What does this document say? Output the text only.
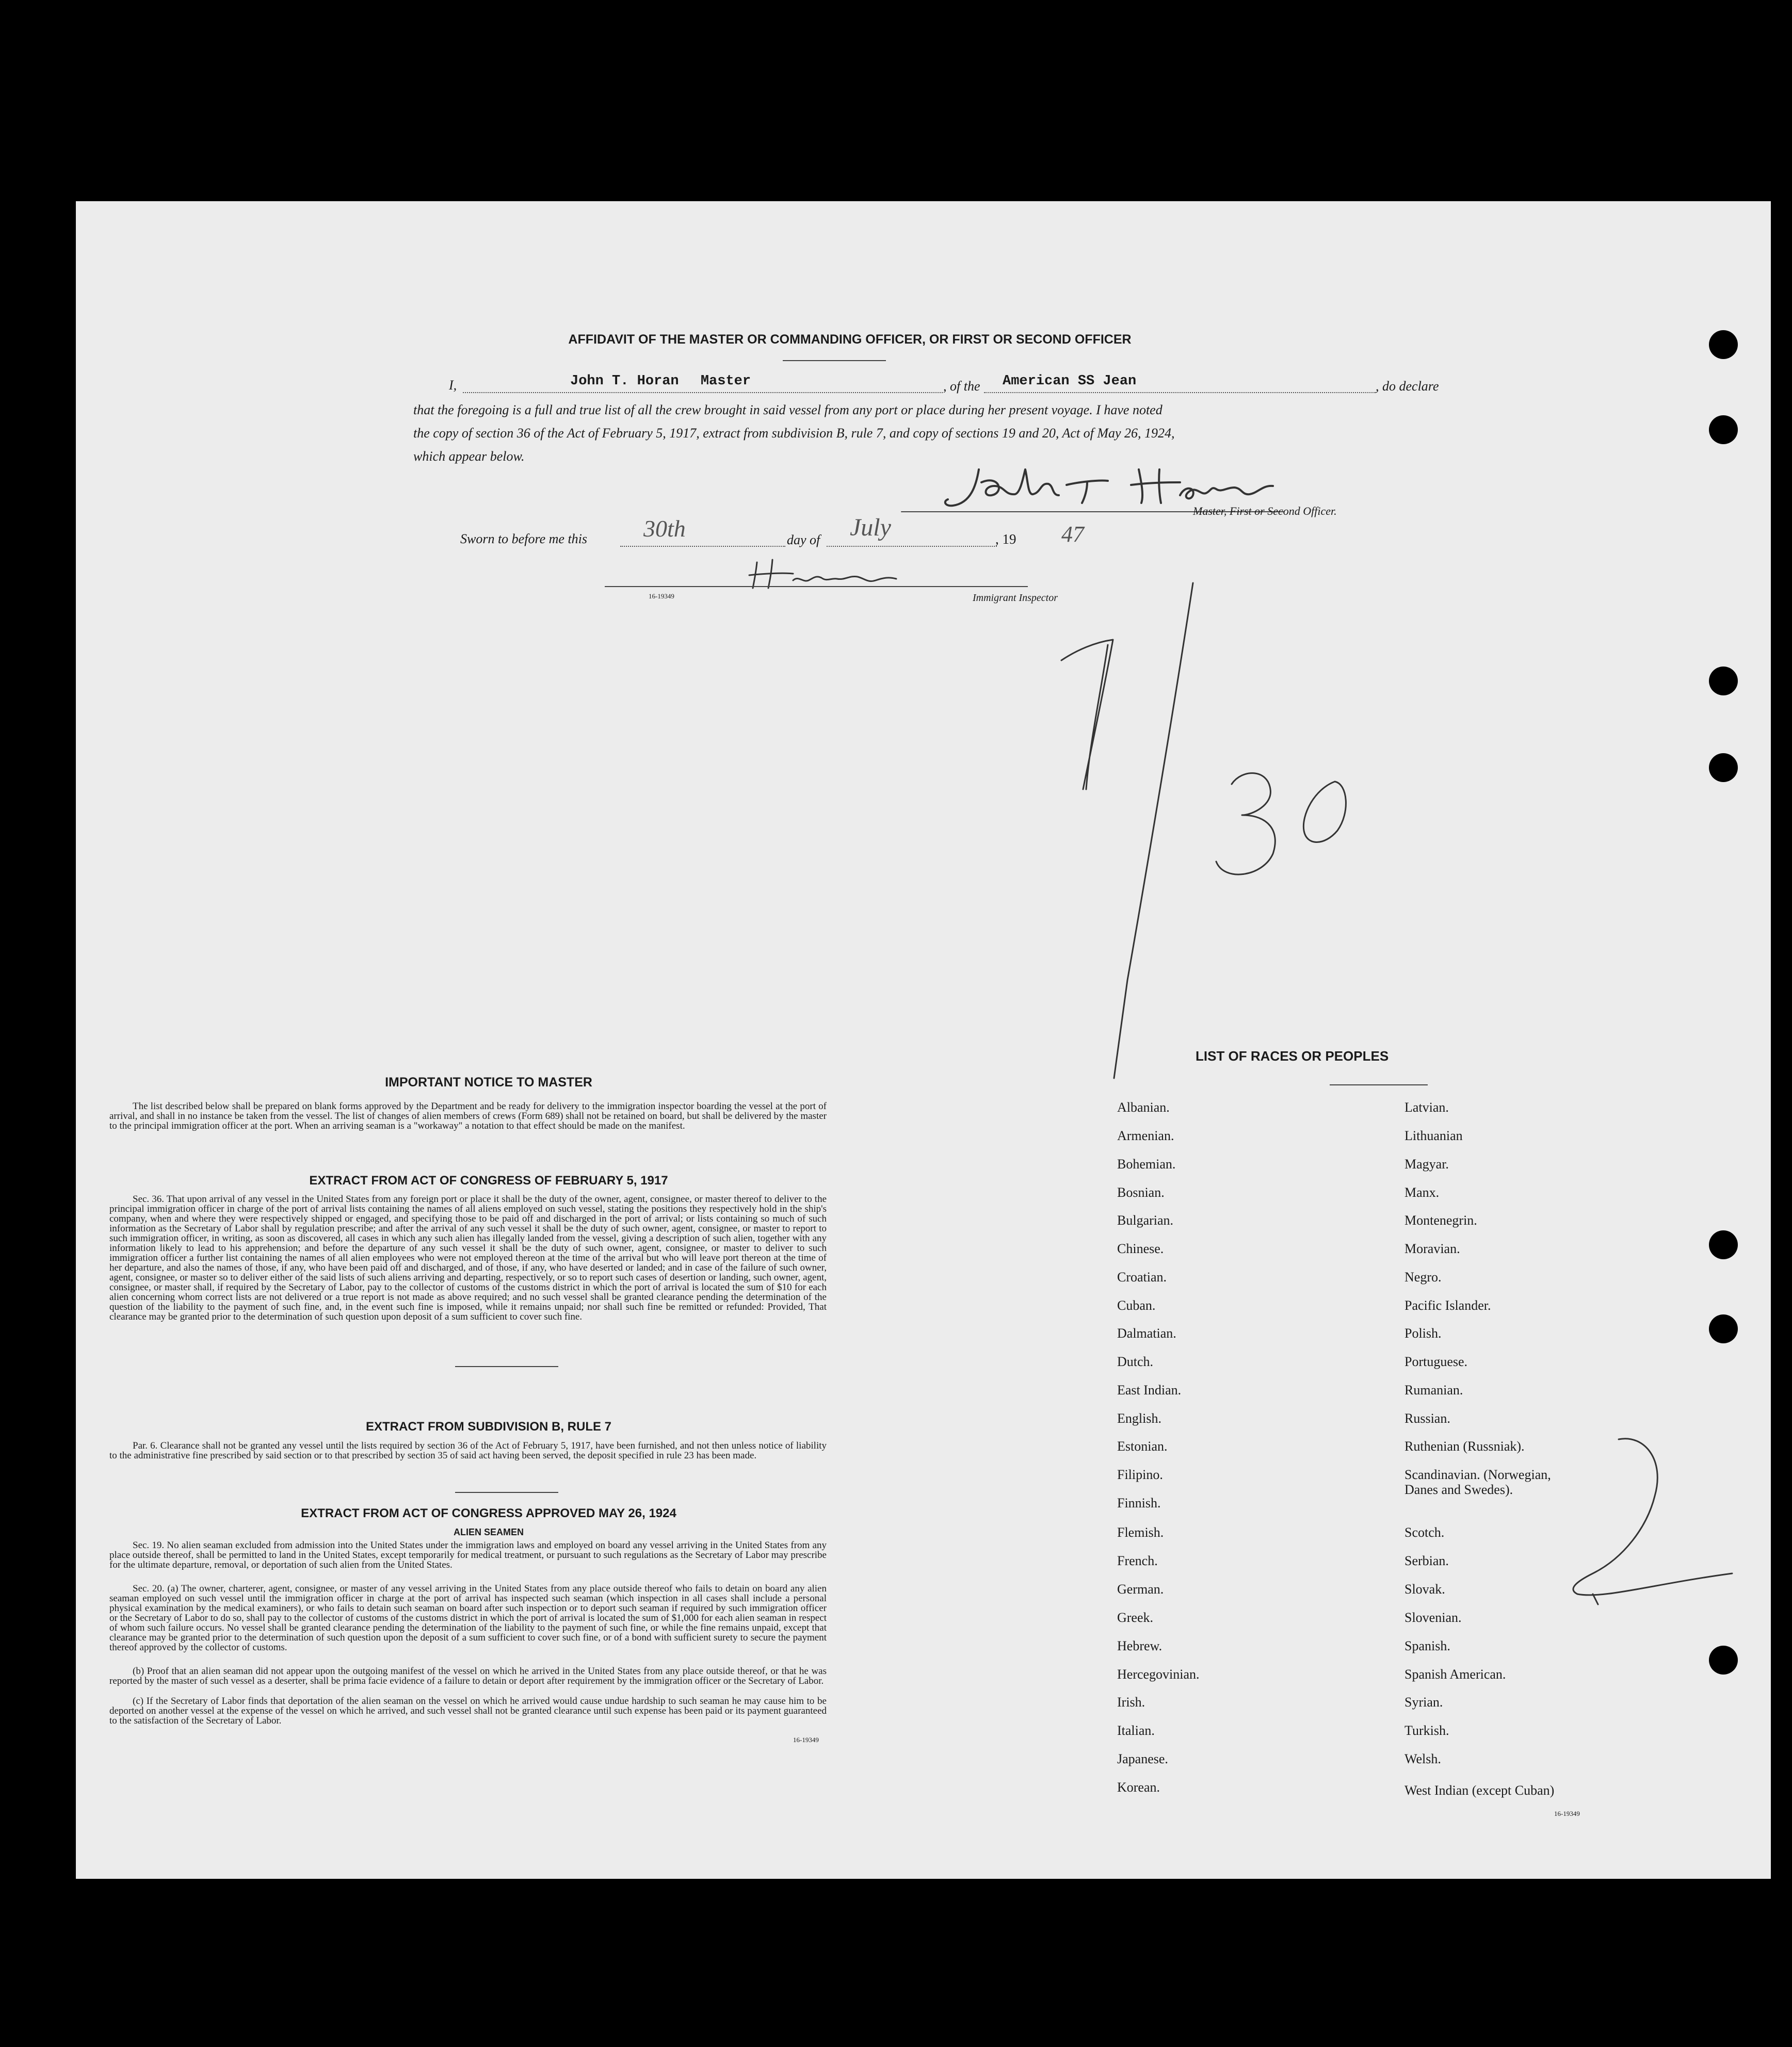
AFFIDAVIT OF THE MASTER OR COMMANDING OFFICER, OR FIRST OR SECOND OFFICER
I,	John T. Horan Master	, of the American SS Jean	, do declare
that the foregoing is a full and true list of all the crew brought in said vessel from any port or place during her present voyage. I have noted
the copy of section 36 of the Act of February 5, 1917, extract from subdivision B, rule 7, and copy of sections 19 and 20, Act of May 26, 1924,
which appear below.
Master, First or Second Officer.
Sworn to before me this 30th	day of July	, 19 47
16-19349	Immigrant Inspector
IMPORTANT NOTICE TO MASTER
The list described below shall be prepared on blank forms approved by the Department and be ready for delivery to the immigration inspector boarding the vessel at the port of arrival, and shall in no instance be taken from the vessel. The list of changes of alien members of crews (Form 689) shall not be retained on board, but shall be delivered by the master to the principal immigration officer at the port. When an arriving seaman is a "workaway" a notation to that effect should be made on the manifest.
EXTRACT FROM ACT OF CONGRESS OF FEBRUARY 5, 1917
Sec. 36. That upon arrival of any vessel in the United States from any foreign port or place it shall be the duty of the owner, agent, consignee, or master thereof to deliver to the principal immigration officer in charge of the port of arrival lists containing the names of all aliens employed on such vessel, stating the positions they respectively hold in the ship's company, when and where they were respectively shipped or engaged, and specifying those to be paid off and discharged in the port of arrival; or lists containing so much of such information as the Secretary of Labor shall by regulation prescribe; and after the arrival of any such vessel it shall be the duty of such owner, agent, consignee, or master to report to such immigration officer, in writing, as soon as discovered, all cases in which any such alien has illegally landed from the vessel, giving a description of such alien, together with any information likely to lead to his apprehension; and before the departure of any such vessel it shall be the duty of such owner, agent, consignee, or master to deliver to such immigration officer a further list containing the names of all alien employees who were not employed thereon at the time of the arrival but who will leave port thereon at the time of her departure, and also the names of those, if any, who have been paid off and discharged, and of those, if any, who have deserted or landed; and in case of the failure of such owner, agent, consignee, or master so to deliver either of the said lists of such aliens arriving and departing, respectively, or so to report such cases of desertion or landing, such owner, agent, consignee, or master shall, if required by the Secretary of Labor, pay to the collector of customs of the customs district in which the port of arrival is located the sum of $10 for each alien concerning whom correct lists are not delivered or a true report is not made as above required; and no such vessel shall be granted clearance pending the determination of the question of the liability to the payment of such fine, and, in the event such fine is imposed, while it remains unpaid; nor shall such fine be remitted or refunded: Provided, That clearance may be granted prior to the determination of such question upon deposit of a sum sufficient to cover such fine.
EXTRACT FROM SUBDIVISION B, RULE 7
Par. 6. Clearance shall not be granted any vessel until the lists required by section 36 of the Act of February 5, 1917, have been furnished, and not then unless notice of liability to the administrative fine prescribed by said section or to that prescribed by section 35 of said act having been served, the deposit specified in rule 23 has been made.
EXTRACT FROM ACT OF CONGRESS APPROVED MAY 26, 1924
ALIEN SEAMEN
Sec. 19. No alien seaman excluded from admission into the United States under the immigration laws and employed on board any vessel arriving in the United States from any place outside thereof, shall be permitted to land in the United States, except temporarily for medical treatment, or pursuant to such regulations as the Secretary of Labor may prescribe for the ultimate departure, removal, or deportation of such alien from the United States.
Sec. 20. (a) The owner, charterer, agent, consignee, or master of any vessel arriving in the United States from any place outside thereof who fails to detain on board any alien seaman employed on such vessel until the immigration officer in charge at the port of arrival has inspected such seaman (which inspection in all cases shall include a personal physical examination by the medical examiners), or who fails to detain such seaman on board after such inspection or to deport such seaman if required by such immigration officer or the Secretary of Labor to do so, shall pay to the collector of customs of the customs district in which the port of arrival is located the sum of $1,000 for each alien seaman in respect of whom such failure occurs. No vessel shall be granted clearance pending the determination of the liability to the payment of such fine, or while the fine remains unpaid, except that clearance may be granted prior to the determination of such question upon the deposit of a sum sufficient to cover such fine, or of a bond with sufficient surety to secure the payment thereof approved by the collector of customs.
(b) Proof that an alien seaman did not appear upon the outgoing manifest of the vessel on which he arrived in the United States from any place outside thereof, or that he was reported by the master of such vessel as a deserter, shall be prima facie evidence of a failure to detain or deport after requirement by the immigration officer or the Secretary of Labor.
(c) If the Secretary of Labor finds that deportation of the alien seaman on the vessel on which he arrived would cause undue hardship to such seaman he may cause him to be deported on another vessel at the expense of the vessel on which he arrived, and such vessel shall not be granted clearance until such expense has been paid or its payment guaranteed to the satisfaction of the Secretary of Labor.
16-19349
LIST OF RACES OR PEOPLES
Albanian.
Armenian.
Bohemian.
Bosnian.
Bulgarian.
Chinese.
Croatian.
Cuban.
Dalmatian.
Dutch.
East Indian.
English.
Estonian.
Filipino.
Finnish.
Flemish.
French.
German.
Greek.
Hebrew.
Hercegovinian.
Irish.
Italian.
Japanese.
Korean.
Latvian.
Lithuanian
Magyar.
Manx.
Montenegrin.
Moravian.
Negro.
Pacific Islander.
Polish.
Portuguese.
Rumanian.
Russian.
Ruthenian (Russniak).
Scandinavian. (Norwegian,
Danes and Swedes).
Scotch.
Serbian.
Slovak.
Slovenian.
Spanish.
Spanish American.
Syrian.
Turkish.
Welsh.
West Indian (except Cuban)
16-19349
